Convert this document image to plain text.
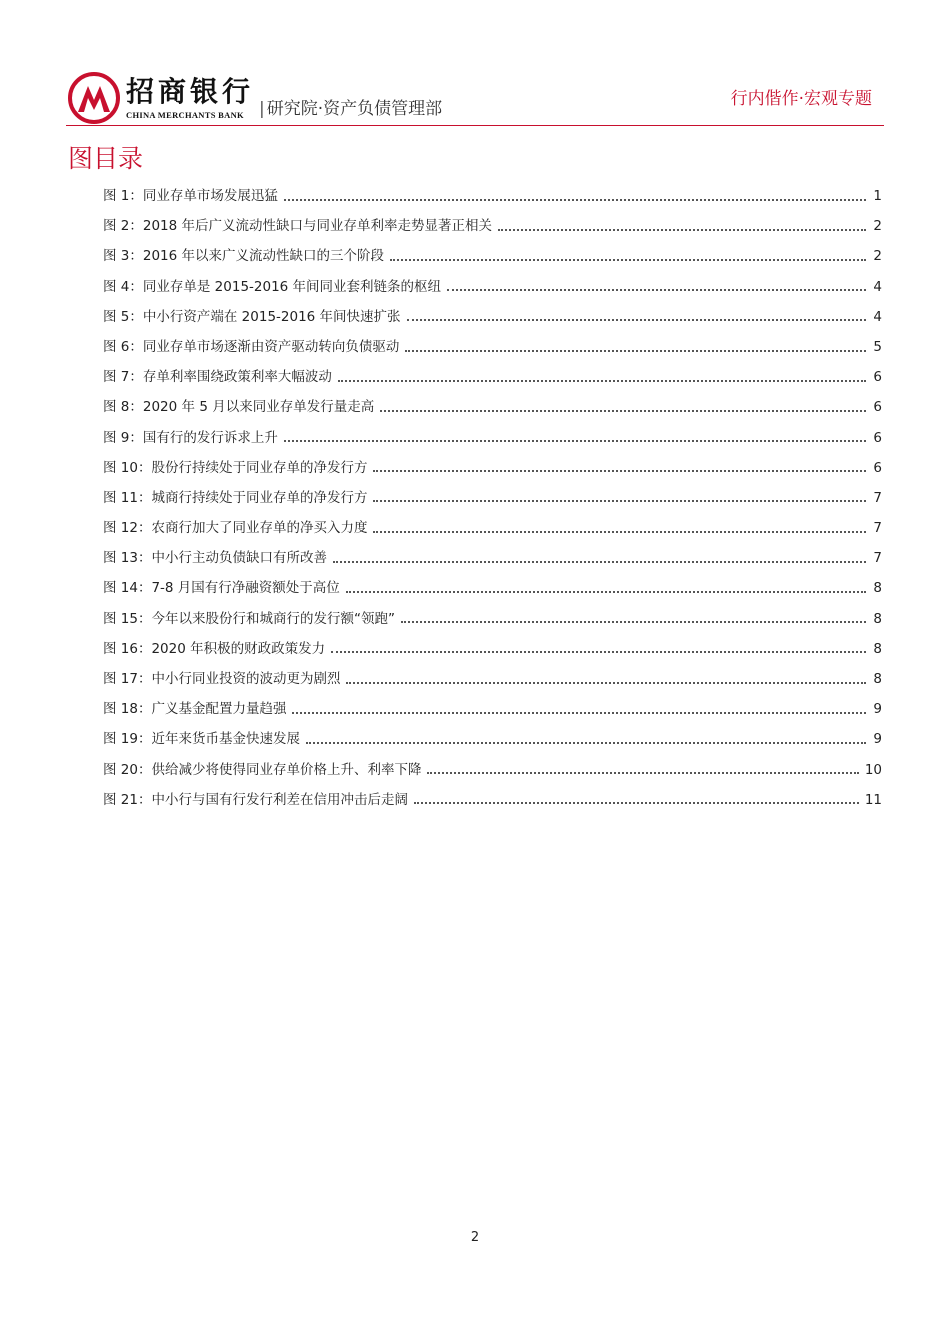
招商银行
CHINA MERCHANTS BANK | 研究院·资产负债管理部	行内偕作·宏观专题
图目录
图 1：同业存单市场发展迅猛	1
图 2：2018 年后广义流动性缺口与同业存单利率走势显著正相关	2
图 3：2016 年以来广义流动性缺口的三个阶段	2
图 4：同业存单是 2015-2016 年间同业套利链条的枢纽	4
图 5：中小行资产端在 2015-2016 年间快速扩张	4
图 6：同业存单市场逐渐由资产驱动转向负债驱动	5
图 7：存单利率围绕政策利率大幅波动	6
图 8：2020 年 5 月以来同业存单发行量走高	6
图 9：国有行的发行诉求上升	6
图 10：股份行持续处于同业存单的净发行方	6
图 11：城商行持续处于同业存单的净发行方	7
图 12：农商行加大了同业存单的净买入力度	7
图 13：中小行主动负债缺口有所改善	7
图 14：7-8 月国有行净融资额处于高位	8
图 15：今年以来股份行和城商行的发行额“领跑”	8
图 16：2020 年积极的财政政策发力	8
图 17：中小行同业投资的波动更为剧烈	8
图 18：广义基金配置力量趋强	9
图 19：近年来货币基金快速发展	9
图 20：供给减少将使得同业存单价格上升、利率下降	10
图 21：中小行与国有行发行利差在信用冲击后走阔	11
2
